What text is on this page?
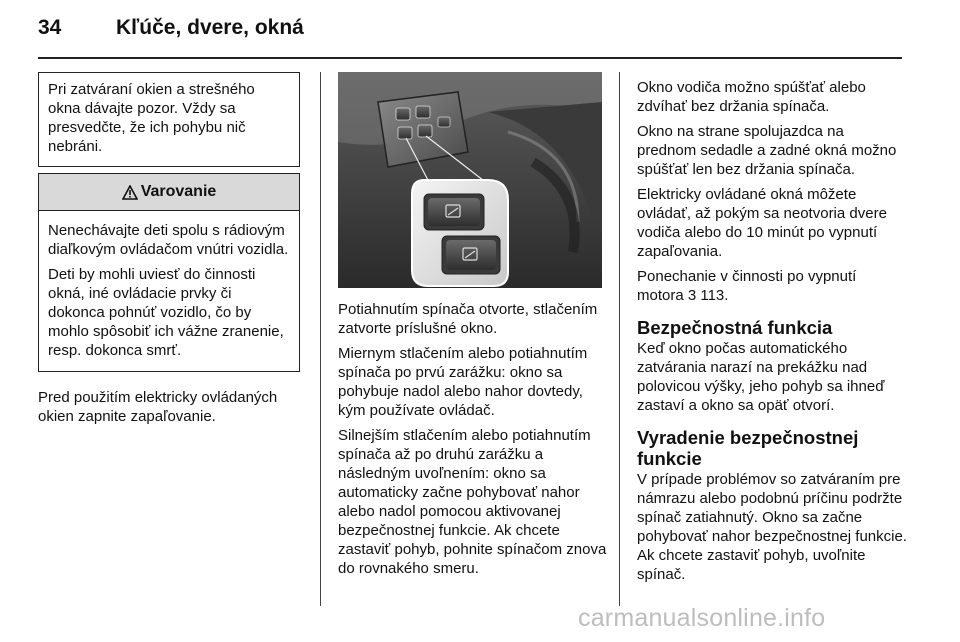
34	Kľúče, dvere, okná

Pri zatváraní okien a strešného okna dávajte pozor. Vždy sa presvedčte, že ich pohybu nič nebráni.

Varovanie

Nenechávajte deti spolu s rádiovým diaľkovým ovládačom vnútri vozidla.

Deti by mohli uviesť do činnosti okná, iné ovládacie prvky či dokonca pohnúť vozidlo, čo by mohlo spôsobiť ich vážne zranenie, resp. dokonca smrť.

Pred použitím elektricky ovládaných okien zapnite zapaľovanie.

Potiahnutím spínača otvorte, stlačením zatvorte príslušné okno.

Miernym stlačením alebo potiahnutím spínača po prvú zarážku: okno sa pohybuje nadol alebo nahor dovtedy, kým používate ovládač.

Silnejším stlačením alebo potiahnutím spínača až po druhú zarážku a následným uvoľnením: okno sa automaticky začne pohybovať nahor alebo nadol pomocou aktivovanej bezpečnostnej funkcie. Ak chcete zastaviť pohyb, pohnite spínačom znova do rovnakého smeru.

Okno vodiča možno spúšťať alebo zdvíhať bez držania spínača.

Okno na strane spolujazdca na prednom sedadle a zadné okná možno spúšťať len bez držania spínača.

Elektricky ovládané okná môžete ovládať, až pokým sa neotvoria dvere vodiča alebo do 10 minút po vypnutí zapaľovania.

Ponechanie v činnosti po vypnutí motora 3 113.

Bezpečnostná funkcia

Keď okno počas automatického zatvárania narazí na prekážku nad polovicou výšky, jeho pohyb sa ihneď zastaví a okno sa opäť otvorí.

Vyradenie bezpečnostnej funkcie

V prípade problémov so zatváraním pre námrazu alebo podobnú príčinu podržte spínač zatiahnutý. Okno sa začne pohybovať nahor bezpečnostnej funkcie. Ak chcete zastaviť pohyb, uvoľnite spínač.

carmanualsonline.info
